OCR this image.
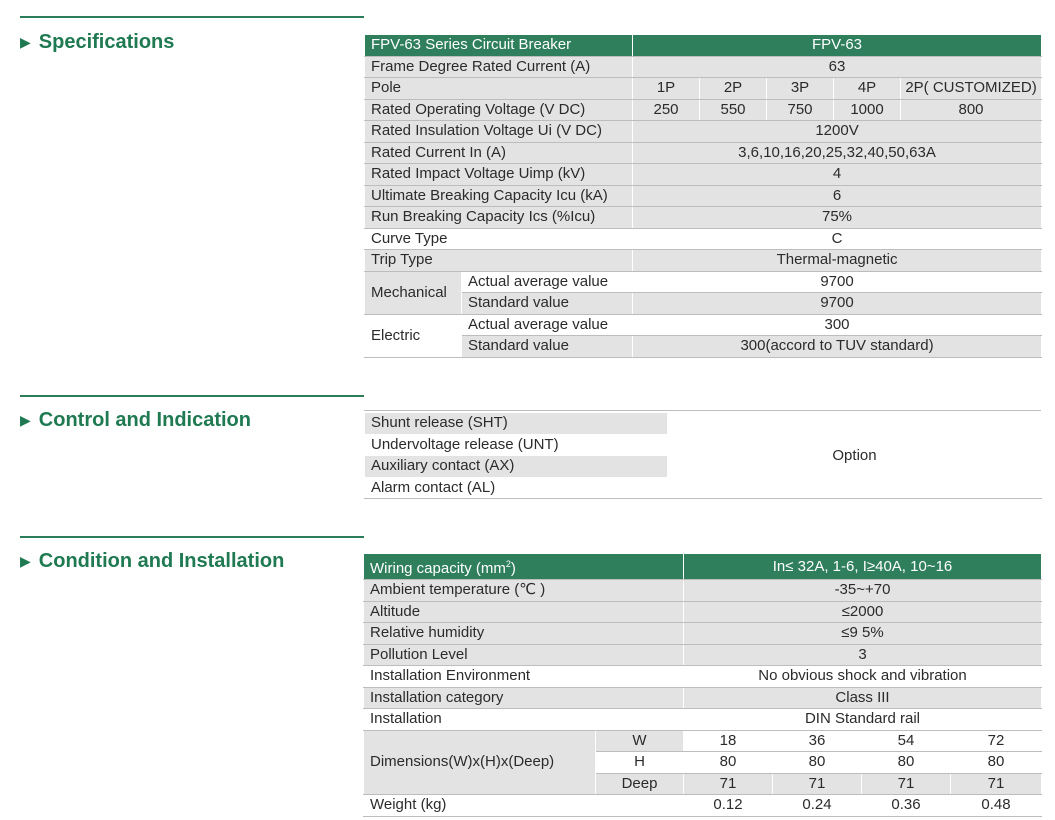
▶ Specifications	FPV-63 Series Circuit Breaker		FPV-63				
Frame Degree Rated Current (A)		63				
Pole		1P	2P	3P	4P	2P( CUSTOMIZED)
Rated Operating Voltage (V DC)		250	550	750	1000	800
Rated Insulation Voltage Ui (V DC)		1200V				
Rated Current In (A)		3,6,10,16,20,25,32,40,50,63A				
Rated Impact Voltage Uimp (kV)		4				
Ultimate Breaking Capacity Icu (kA)		6				
Run Breaking Capacity Ics (%Icu)		75%				
Curve Type		C				
Trip Type		Thermal-magnetic				
Mechanical	Actual average value	9700				
	Standard value	9700				
Electric	Actual average value	300				
	Standard value	300(accord to TUV standard)				
▶ Control and Indication	Shunt release (SHT)	Option
Undervoltage release (UNT)
Auxiliary contact (AX)
Alarm contact (AL)
▶ Condition and Installation	Wiring capacity $(mm^2)$		In≤ 32A, 1-6, I≥40A, 10~16			
Ambient temperature (℃ )		-35~+70			
Altitude		≤2000			
Relative humidity		≤9 5%			
Pollution Level		3			
Installation Environment		No obvious shock and vibration			
Installation category		Class III			
Installation		DIN Standard rail			
Dimensions(W)x(H)x(Deep)	W	18	36	54	72
	H	80	80	80	80
	Deep	71	71	71	71
Weight (kg)		0.12	0.24	0.36	0.48
